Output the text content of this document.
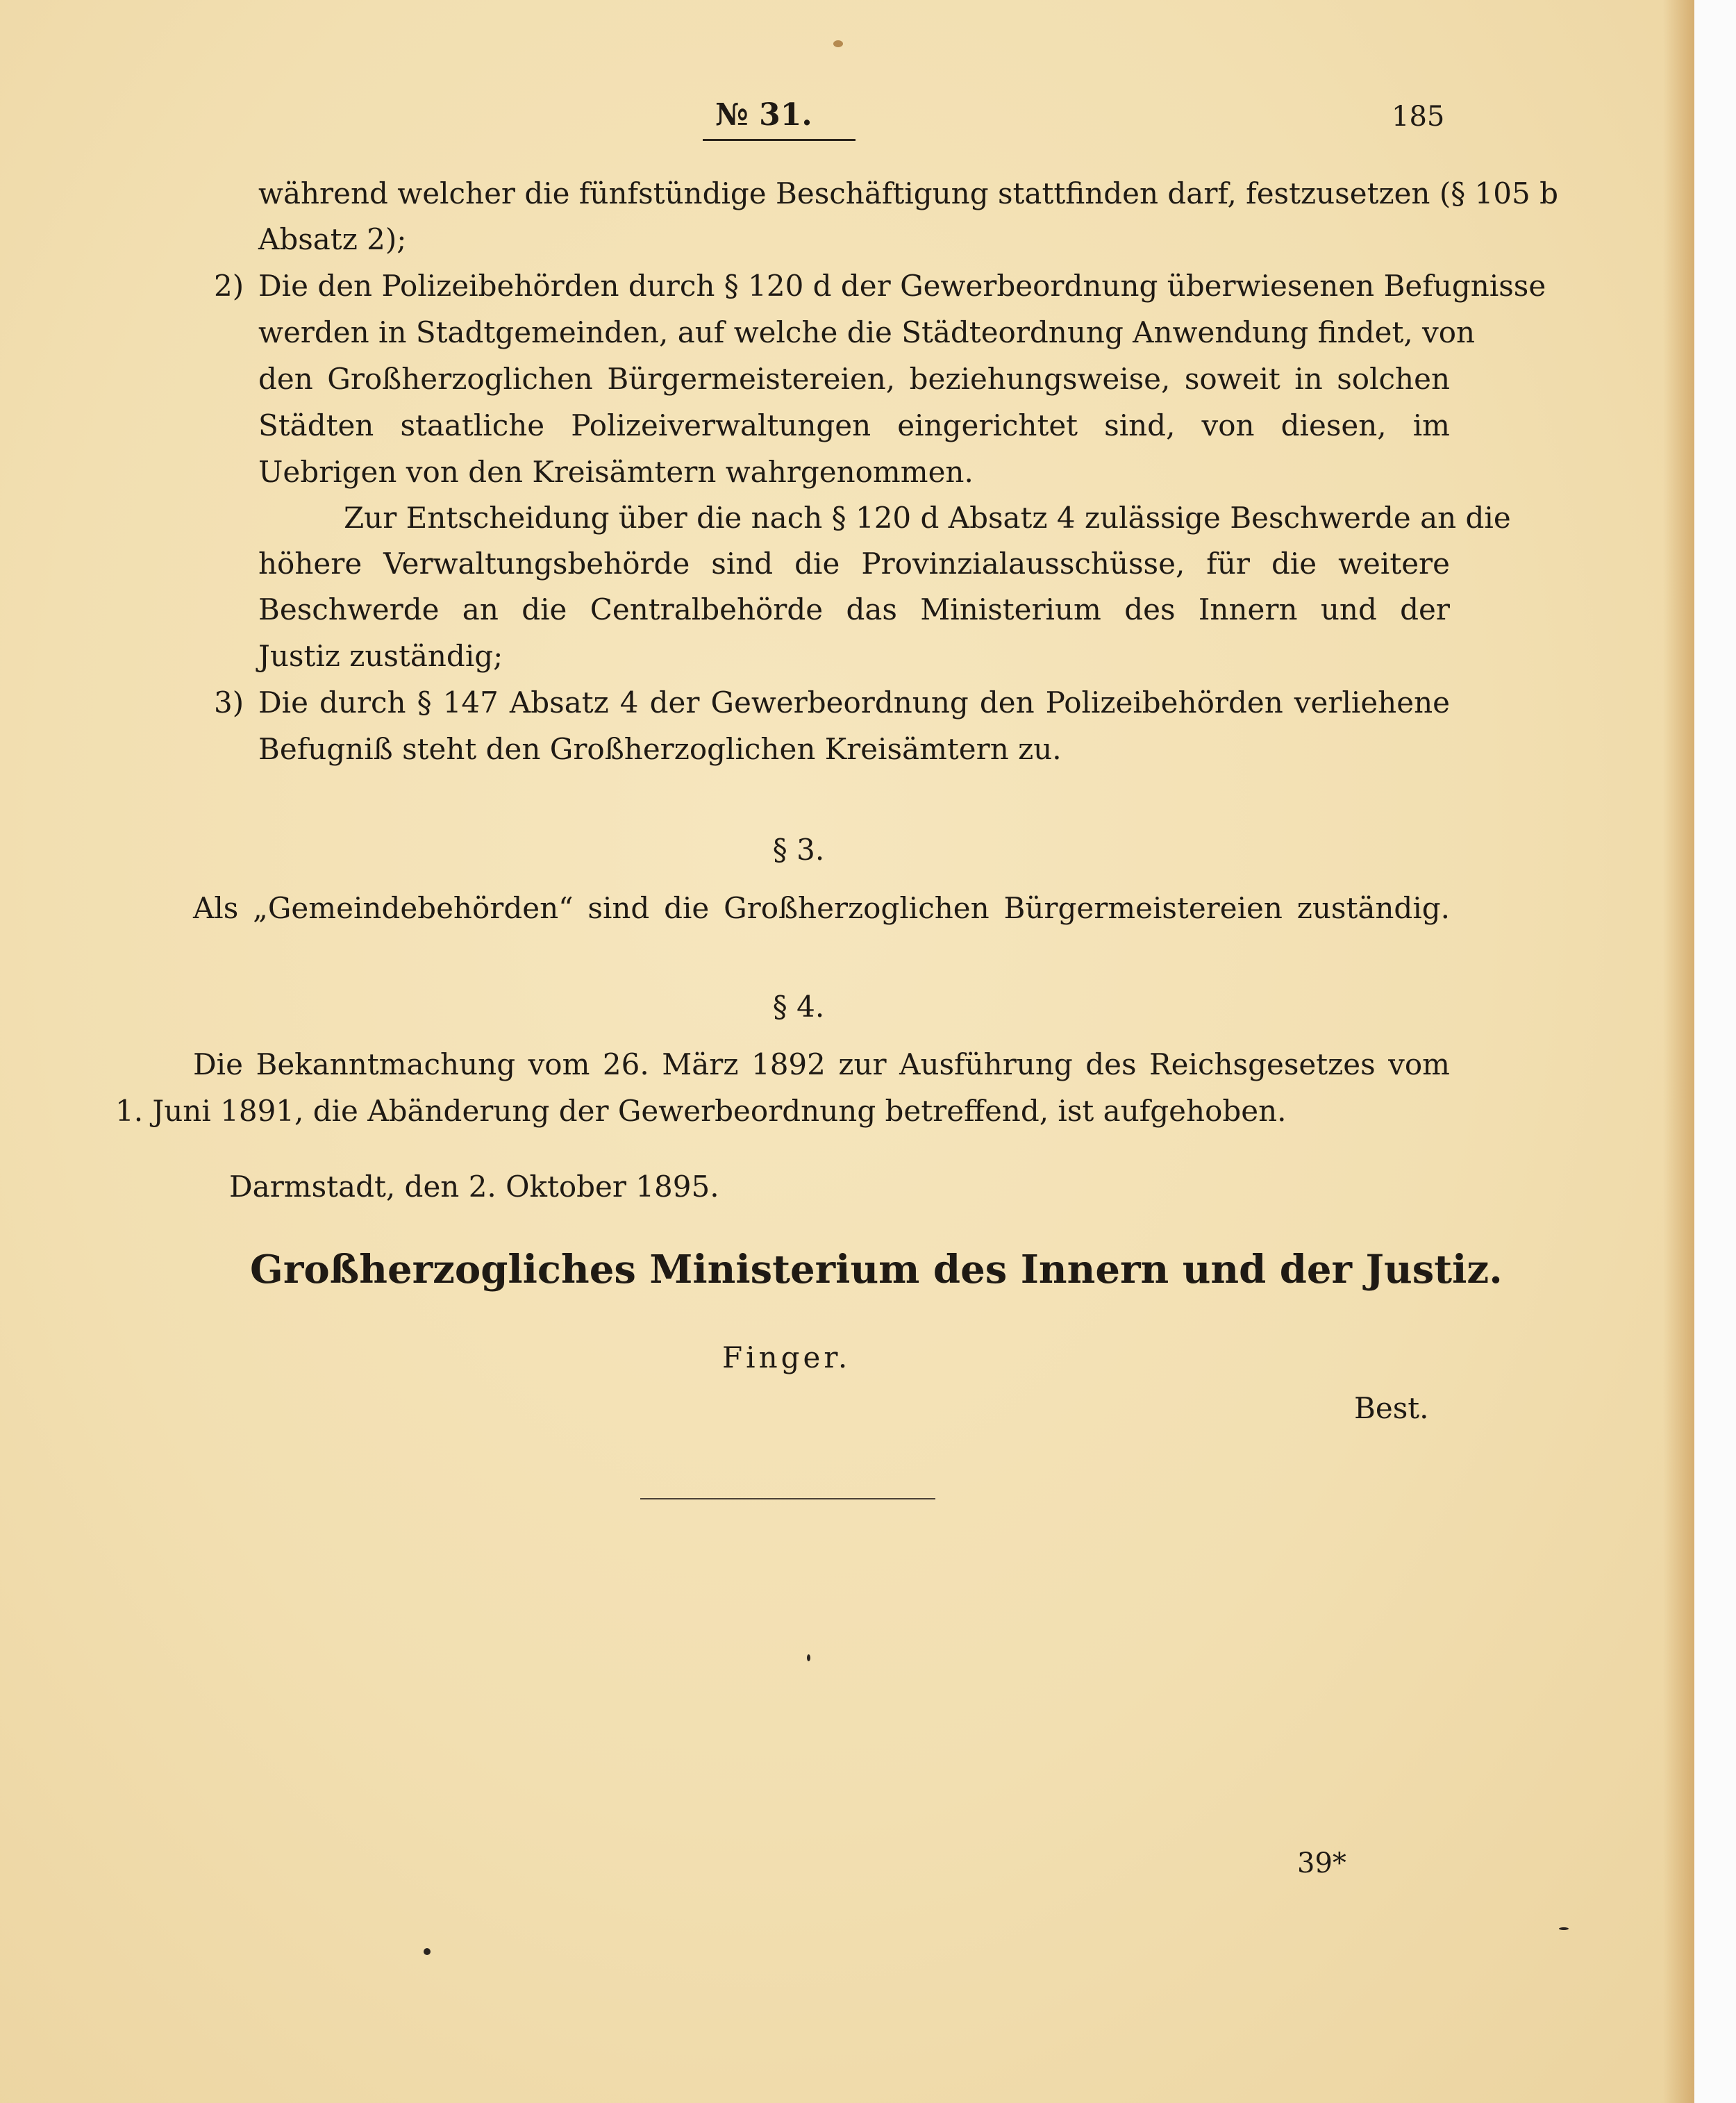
№ 31.	185
während welcher die fünfstündige Beschäftigung stattfinden darf, festzusetzen (§ 105 b
Absatz 2);
2) Die den Polizeibehörden durch § 120 d der Gewerbeordnung überwiesenen Befugnisse
werden in Stadtgemeinden, auf welche die Städteordnung Anwendung findet, von
den Großherzoglichen Bürgermeistereien, beziehungsweise, soweit in solchen
Städten staatliche Polizeiverwaltungen eingerichtet sind, von diesen, im
Uebrigen von den Kreisämtern wahrgenommen.
Zur Entscheidung über die nach § 120 d Absatz 4 zulässige Beschwerde an die
höhere Verwaltungsbehörde sind die Provinzialausschüsse, für die weitere
Beschwerde an die Centralbehörde das Ministerium des Innern und der
Justiz zuständig;
3) Die durch § 147 Absatz 4 der Gewerbeordnung den Polizeibehörden verliehene
Befugniß steht den Großherzoglichen Kreisämtern zu.
§ 3.
Als „Gemeindebehörden“ sind die Großherzoglichen Bürgermeistereien zuständig.
§ 4.
Die Bekanntmachung vom 26. März 1892 zur Ausführung des Reichsgesetzes vom
1. Juni 1891, die Abänderung der Gewerbeordnung betreffend, ist aufgehoben.
Darmstadt, den 2. Oktober 1895.
Großherzogliches Ministerium des Innern und der Justiz.
Finger.
Best.
39*
